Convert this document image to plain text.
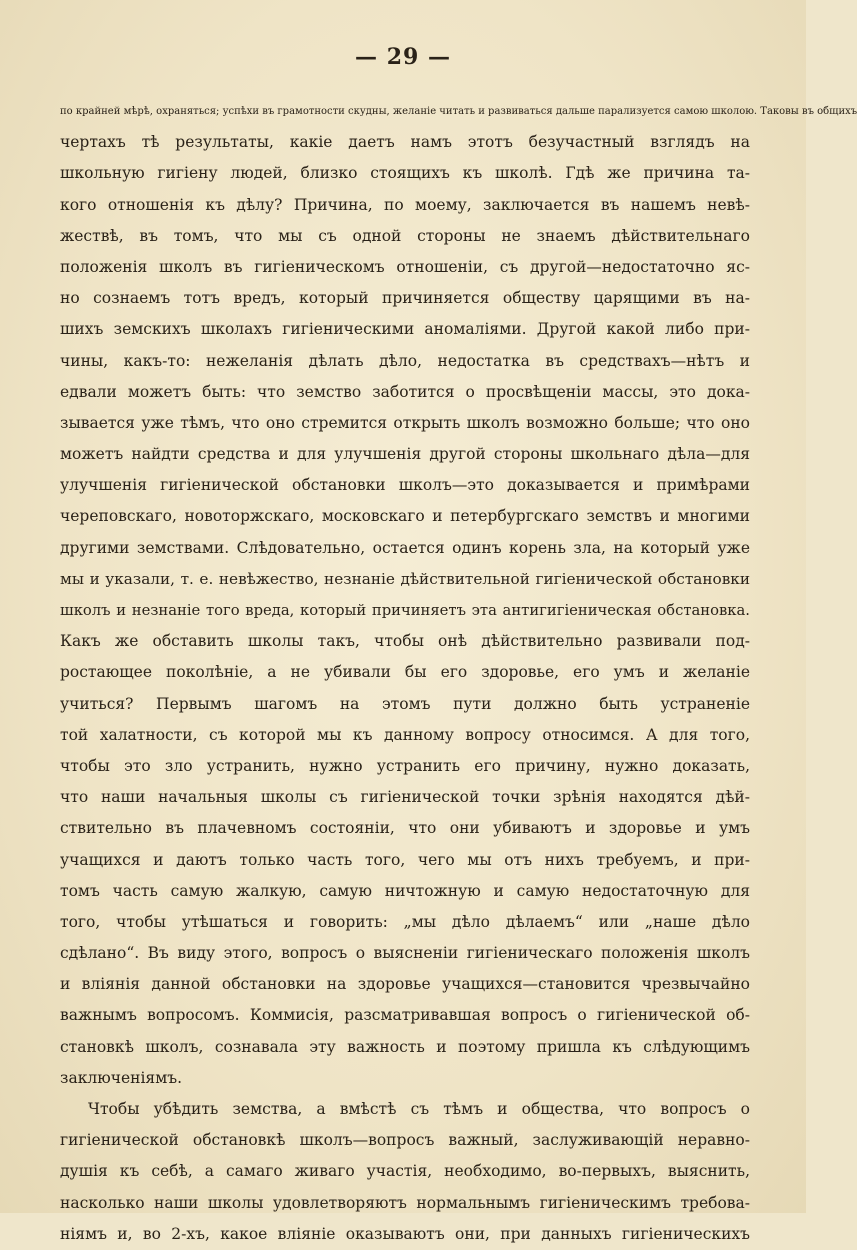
— 29 —
по крайней мѣрѣ, охраняться; успѣхи въ грамотности скудны, желаніе читать и развиваться дальше парализуется самою школою. Таковы въ общихъ
чертахъ тѣ результаты, какіе даетъ намъ этотъ безучастный взглядъ на
школьную гигіену людей, близко стоящихъ къ школѣ. Гдѣ же причина та-
кого отношенія къ дѣлу? Причина, по моему, заключается въ нашемъ невѣ-
жествѣ, въ томъ, что мы съ одной стороны не знаемъ дѣйствительнаго
положенія школъ въ гигіеническомъ отношеніи, съ другой—недостаточно яс-
но сознаемъ тотъ вредъ, который причиняется обществу царящими въ на-
шихъ земскихъ школахъ гигіеническими аномаліями. Другой какой либо при-
чины, какъ-то: нежеланія дѣлать дѣло, недостатка въ средствахъ—нѣтъ и
едвали можетъ быть: что земство заботится о просвѣщеніи массы, это дока-
зывается уже тѣмъ, что оно стремится открыть школъ возможно больше; что оно
можетъ найдти средства и для улучшенія другой стороны школьнаго дѣла—для
улучшенія гигіенической обстановки школъ—это доказывается и примѣрами
череповскаго, новоторжскаго, московскаго и петербургскаго земствъ и многими
другими земствами. Слѣдовательно, остается одинъ корень зла, на который уже
мы и указали, т. е. невѣжество, незнаніе дѣйствительной гигіенической обстановки
школъ и незнаніе того вреда, который причиняетъ эта антигигіеническая обстановка.
Какъ же обставить школы такъ, чтобы онѣ дѣйствительно развивали под-
ростающее поколѣніе, а не убивали бы его здоровье, его умъ и желаніе
учиться? Первымъ шагомъ на этомъ пути должно быть устраненіе
той халатности, съ которой мы къ данному вопросу относимся. А для того,
чтобы это зло устранить, нужно устранить его причину, нужно доказать,
что наши начальныя школы съ гигіенической точки зрѣнія находятся дѣй-
ствительно въ плачевномъ состояніи, что они убиваютъ и здоровье и умъ
учащихся и даютъ только часть того, чего мы отъ нихъ требуемъ, и при-
томъ часть самую жалкую, самую ничтожную и самую недостаточную для
того, чтобы утѣшаться и говорить: „мы дѣло дѣлаемъ“ или „наше дѣло
сдѣлано“. Въ виду этого, вопросъ о выясненіи гигіеническаго положенія школъ
и вліянія данной обстановки на здоровье учащихся—становится чрезвычайно
важнымъ вопросомъ. Коммисія, разсматривавшая вопросъ о гигіенической об-
становкѣ школъ, сознавала эту важность и поэтому пришла къ слѣдующимъ
заключеніямъ.
Чтобы убѣдить земства, а вмѣстѣ съ тѣмъ и общества, что вопросъ о
гигіенической обстановкѣ школъ—вопросъ важный, заслуживающій неравно-
душія къ себѣ, а самаго живаго участія, необходимо, во-первыхъ, выяснить,
насколько наши школы удовлетворяютъ нормальнымъ гигіеническимъ требова-
ніямъ и, во 2-хъ, какое вліяніе оказываютъ они, при данныхъ гигіеническихъ
